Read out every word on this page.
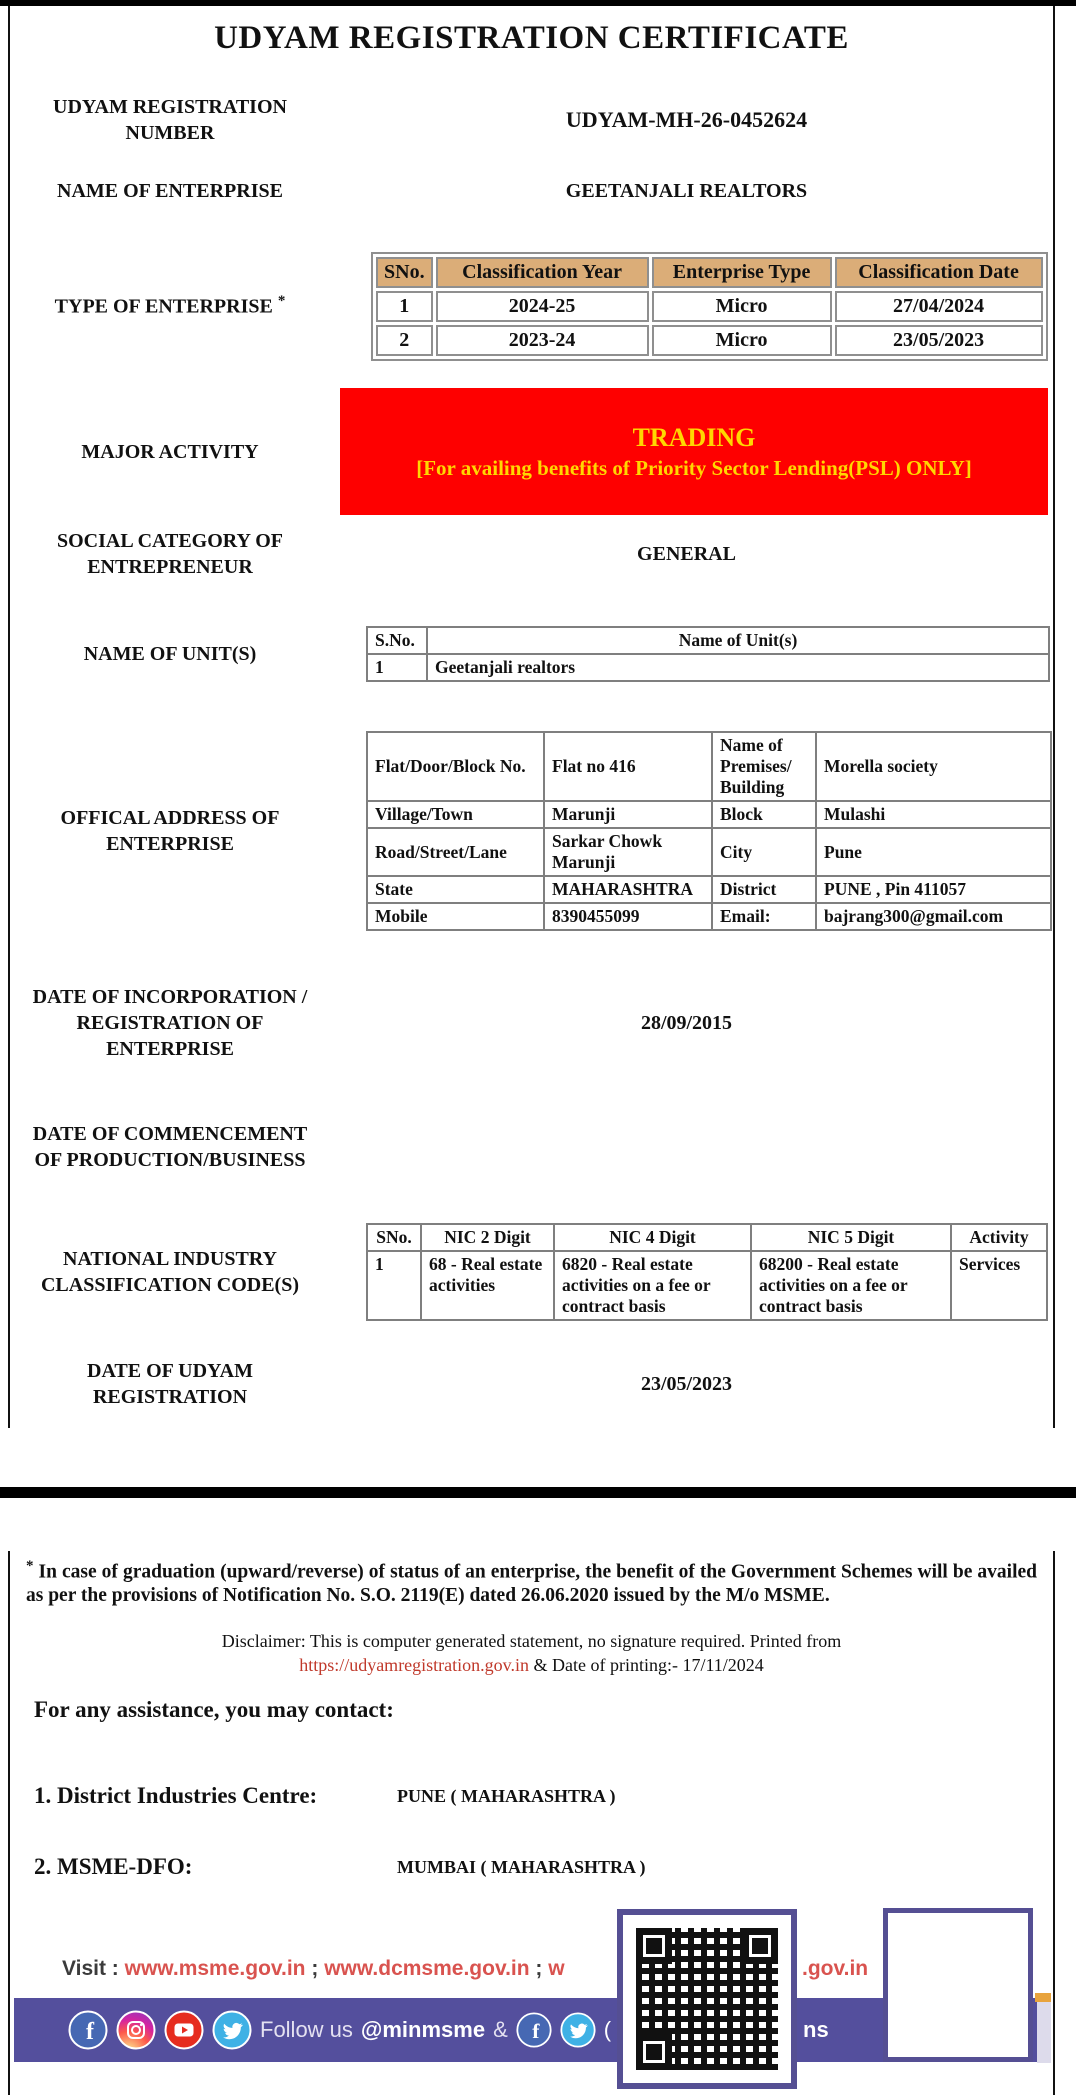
UDYAM REGISTRATION CERTIFICATE
UDYAM REGISTRATION NUMBER
UDYAM-MH-26-0452624
NAME OF ENTERPRISE	GEETANJALI REALTORS
TYPE OF ENTERPRISE *
SNo.	Classification Year	Enterprise Type	Classification Date
1	2024-25	Micro	27/04/2024
2	2023-24	Micro	23/05/2023
MAJOR ACTIVITY	TRADING
[For availing benefits of Priority Sector Lending(PSL) ONLY]
SOCIAL CATEGORY OF ENTREPRENEUR
GENERAL
NAME OF UNIT(S)
S.No.	Name of Unit(s)
1	Geetanjali realtors
OFFICAL ADDRESS OF ENTERPRISE
Flat/Door/Block No.	Flat no 416	Name of Premises/ Building	Morella society
Village/Town	Marunji	Block	Mulashi
Road/Street/Lane	Sarkar Chowk Marunji	City	Pune
State	MAHARASHTRA	District	PUNE , Pin 411057
Mobile	8390455099	Email:	bajrang300@gmail.com
DATE OF INCORPORATION / REGISTRATION OF ENTERPRISE
28/09/2015
DATE OF COMMENCEMENT OF PRODUCTION/BUSINESS
NATIONAL INDUSTRY CLASSIFICATION CODE(S)
SNo.	NIC 2 Digit	NIC 4 Digit	NIC 5 Digit	Activity
1	68 - Real estate activities	6820 - Real estate activities on a fee or contract basis	68200 - Real estate activities on a fee or contract basis	Services
DATE OF UDYAM REGISTRATION
23/05/2023
* In case of graduation (upward/reverse) of status of an enterprise, the benefit of the Government Schemes will be availed as per the provisions of Notification No. S.O. 2119(E) dated 26.06.2020 issued by the M/o MSME.
Disclaimer: This is computer generated statement, no signature required. Printed from
https://udyamregistration.gov.in & Date of printing:- 17/11/2024
For any assistance, you may contact:
1. District Industries Centre:	PUNE ( MAHARASHTRA )
2. MSME-DFO:	MUMBAI ( MAHARASHTRA )
Visit : www.msme.gov.in ; www.dcmsme.gov.in ; w	.gov.in
f	Follow us @minmsme & f	(	ns
